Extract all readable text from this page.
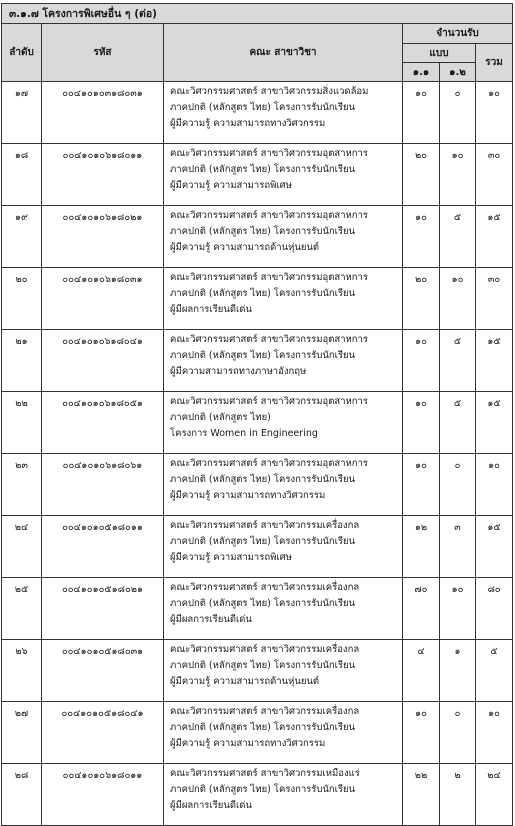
๓.๑.๗ โครงการพิเศษอื่น ๆ (ต่อ)					
ลำดับ	รหัส	คณะ สาขาวิชา	จำนวนรับ		
			แบบ		รวม
			๑.๑	๑.๒	
๑๗	๐๐๔๑๐๑๐๓๑๘๐๓๑	คณะวิศวกรรมศาสตร์ สาขาวิศวกรรมสิ่งแวดล้อม
ภาคปกติ (หลักสูตร ไทย) โครงการรับนักเรียน
ผู้มีความรู้ ความสามารถทางวิศวกรรม	๑๐	๐	๑๐
๑๘	๐๐๔๑๐๑๐๖๑๘๐๑๑	คณะวิศวกรรมศาสตร์ สาขาวิศวกรรมอุตสาหการ
ภาคปกติ (หลักสูตร ไทย) โครงการรับนักเรียน
ผู้มีความรู้ ความสามารถพิเศษ	๒๐	๑๐	๓๐
๑๙	๐๐๔๑๐๑๐๖๑๘๐๒๑	คณะวิศวกรรมศาสตร์ สาขาวิศวกรรมอุตสาหการ
ภาคปกติ (หลักสูตร ไทย) โครงการรับนักเรียน
ผู้มีความรู้ ความสามารถด้านหุ่นยนต์	๑๐	๕	๑๕
๒๐	๐๐๔๑๐๑๐๖๑๘๐๓๑	คณะวิศวกรรมศาสตร์ สาขาวิศวกรรมอุตสาหการ
ภาคปกติ (หลักสูตร ไทย) โครงการรับนักเรียน
ผู้มีผลการเรียนดีเด่น	๒๐	๑๐	๓๐
๒๑	๐๐๔๑๐๑๐๖๑๘๐๔๑	คณะวิศวกรรมศาสตร์ สาขาวิศวกรรมอุตสาหการ
ภาคปกติ (หลักสูตร ไทย) โครงการรับนักเรียน
ผู้มีความสามารถทางภาษาอังกฤษ	๑๐	๕	๑๕
๒๒	๐๐๔๑๐๑๐๖๑๘๐๕๑	คณะวิศวกรรมศาสตร์ สาขาวิศวกรรมอุตสาหการ
ภาคปกติ (หลักสูตร ไทย)
โครงการ Women in Engineering	๑๐	๕	๑๕
๒๓	๐๐๔๑๐๑๐๖๑๘๐๖๑	คณะวิศวกรรมศาสตร์ สาขาวิศวกรรมอุตสาหการ
ภาคปกติ (หลักสูตร ไทย) โครงการรับนักเรียน
ผู้มีความรู้ ความสามารถทางวิศวกรรม	๑๐	๐	๑๐
๒๔	๐๐๔๑๐๑๐๕๑๘๐๑๑	คณะวิศวกรรมศาสตร์ สาขาวิศวกรรมเครื่องกล
ภาคปกติ (หลักสูตร ไทย) โครงการรับนักเรียน
ผู้มีความรู้ ความสามารถพิเศษ	๑๒	๓	๑๕
๒๕	๐๐๔๑๐๑๐๕๑๘๐๒๑	คณะวิศวกรรมศาสตร์ สาขาวิศวกรรมเครื่องกล
ภาคปกติ (หลักสูตร ไทย) โครงการรับนักเรียน
ผู้มีผลการเรียนดีเด่น	๗๐	๑๐	๘๐
๒๖	๐๐๔๑๐๑๐๕๑๘๐๓๑	คณะวิศวกรรมศาสตร์ สาขาวิศวกรรมเครื่องกล
ภาคปกติ (หลักสูตร ไทย) โครงการรับนักเรียน
ผู้มีความรู้ ความสามารถด้านหุ่นยนต์	๔	๑	๕
๒๗	๐๐๔๑๐๑๐๕๑๘๐๔๑	คณะวิศวกรรมศาสตร์ สาขาวิศวกรรมเครื่องกล
ภาคปกติ (หลักสูตร ไทย) โครงการรับนักเรียน
ผู้มีความรู้ ความสามารถทางวิศวกรรม	๑๐	๐	๑๐
๒๘	๐๐๔๑๐๑๐๖๑๘๐๑๑	คณะวิศวกรรมศาสตร์ สาขาวิศวกรรมเหมืองแร่
ภาคปกติ (หลักสูตร ไทย) โครงการรับนักเรียน
ผู้มีผลการเรียนดีเด่น	๒๒	๒	๒๔
